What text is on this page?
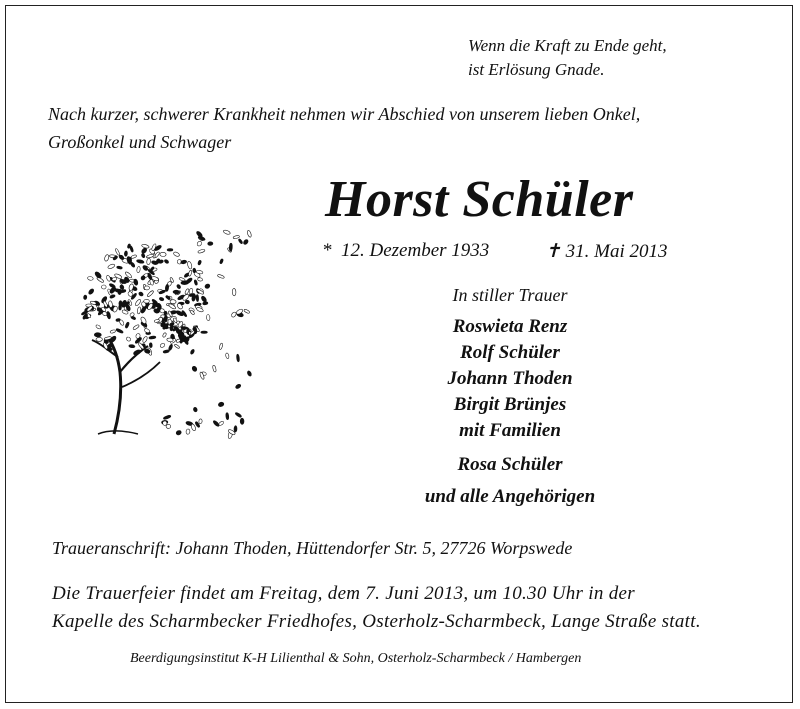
Wenn die Kraft zu Ende geht,
ist Erlösung Gnade.
Nach kurzer, schwerer Krankheit nehmen wir Abschied von unserem lieben Onkel,
Großonkel und Schwager
Horst Schüler
* 12. Dezember 1933	✝ 31. Mai 2013
In stiller Trauer
Roswieta Renz
Rolf Schüler
Johann Thoden
Birgit Brünjes
mit Familien
Rosa Schüler
und alle Angehörigen
Traueranschrift: Johann Thoden, Hüttendorfer Str. 5, 27726 Worpswede
Die Trauerfeier findet am Freitag, dem 7. Juni 2013, um 10.30 Uhr in der
Kapelle des Scharmbecker Friedhofes, Osterholz-Scharmbeck, Lange Straße statt.
Beerdigungsinstitut K-H Lilienthal & Sohn, Osterholz-Scharmbeck / Hambergen
